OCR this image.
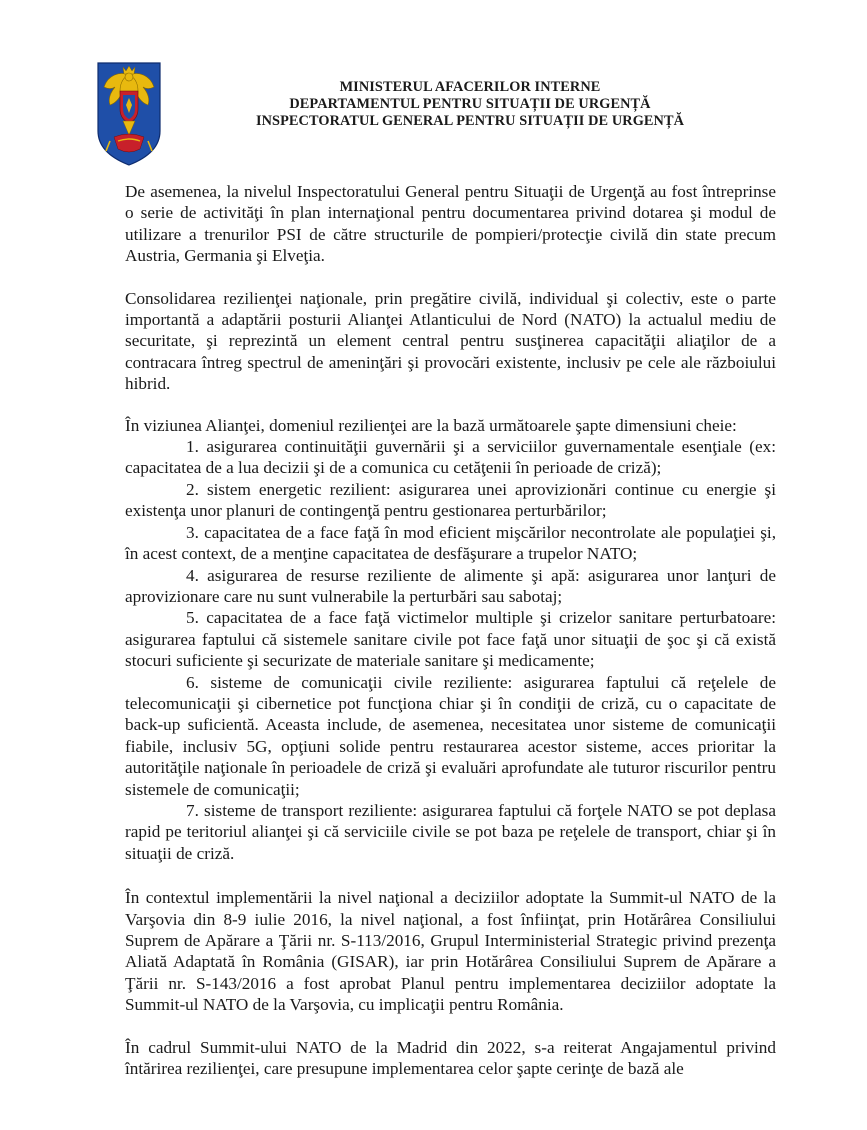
MINISTERUL AFACERILOR INTERNE
DEPARTAMENTUL PENTRU SITUAȚII DE URGENȚĂ
INSPECTORATUL GENERAL PENTRU SITUAȚII DE URGENȚĂ

De asemenea, la nivelul Inspectoratului General pentru Situaţii de Urgenţă au fost întreprinse o serie de activităţi în plan internaţional pentru documentarea privind dotarea şi modul de utilizare a trenurilor PSI de către structurile de pompieri/protecţie civilă din state precum Austria, Germania şi Elveţia.

Consolidarea rezilienţei naţionale, prin pregătire civilă, individual şi colectiv, este o parte importantă a adaptării posturii Alianţei Atlanticului de Nord (NATO) la actualul mediu de securitate, şi reprezintă un element central pentru susţinerea capacităţii aliaţilor de a contracara întreg spectrul de ameninţări şi provocări existente, inclusiv pe cele ale războiului hibrid.

În viziunea Alianţei, domeniul rezilienţei are la bază următoarele şapte dimensiuni cheie:

1. asigurarea continuităţii guvernării şi a serviciilor guvernamentale esenţiale (ex: capacitatea de a lua decizii şi de a comunica cu cetăţenii în perioade de criză);

2. sistem energetic rezilient: asigurarea unei aprovizionări continue cu energie şi existenţa unor planuri de contingenţă pentru gestionarea perturbărilor;

3. capacitatea de a face faţă în mod eficient mişcărilor necontrolate ale populaţiei şi, în acest context, de a menţine capacitatea de desfăşurare a trupelor NATO;

4. asigurarea de resurse reziliente de alimente şi apă: asigurarea unor lanţuri de aprovizionare care nu sunt vulnerabile la perturbări sau sabotaj;

5. capacitatea de a face faţă victimelor multiple şi crizelor sanitare perturbatoare: asigurarea faptului că sistemele sanitare civile pot face faţă unor situaţii de şoc şi că există stocuri suficiente şi securizate de materiale sanitare şi medicamente;

6. sisteme de comunicaţii civile reziliente: asigurarea faptului că reţelele de telecomunicaţii şi cibernetice pot funcţiona chiar şi în condiţii de criză, cu o capacitate de back-up suficientă. Aceasta include, de asemenea, necesitatea unor sisteme de comunicaţii fiabile, inclusiv 5G, opţiuni solide pentru restaurarea acestor sisteme, acces prioritar la autorităţile naţionale în perioadele de criză şi evaluări aprofundate ale tuturor riscurilor pentru sistemele de comunicaţii;

7. sisteme de transport reziliente: asigurarea faptului că forţele NATO se pot deplasa rapid pe teritoriul alianţei şi că serviciile civile se pot baza pe reţelele de transport, chiar şi în situaţii de criză.

În contextul implementării la nivel naţional a deciziilor adoptate la Summit-ul NATO de la Varşovia din 8-9 iulie 2016, la nivel naţional, a fost înfiinţat, prin Hotărârea Consiliului Suprem de Apărare a Ţării nr. S-113/2016, Grupul Interministerial Strategic privind prezenţa Aliată Adaptată în România (GISAR), iar prin Hotărârea Consiliului Suprem de Apărare a Ţării nr. S-143/2016 a fost aprobat Planul pentru implementarea deciziilor adoptate la Summit-ul NATO de la Varşovia, cu implicaţii pentru România.

În cadrul Summit-ului NATO de la Madrid din 2022, s-a reiterat Angajamentul privind întărirea rezilienţei, care presupune implementarea celor şapte cerinţe de bază ale
